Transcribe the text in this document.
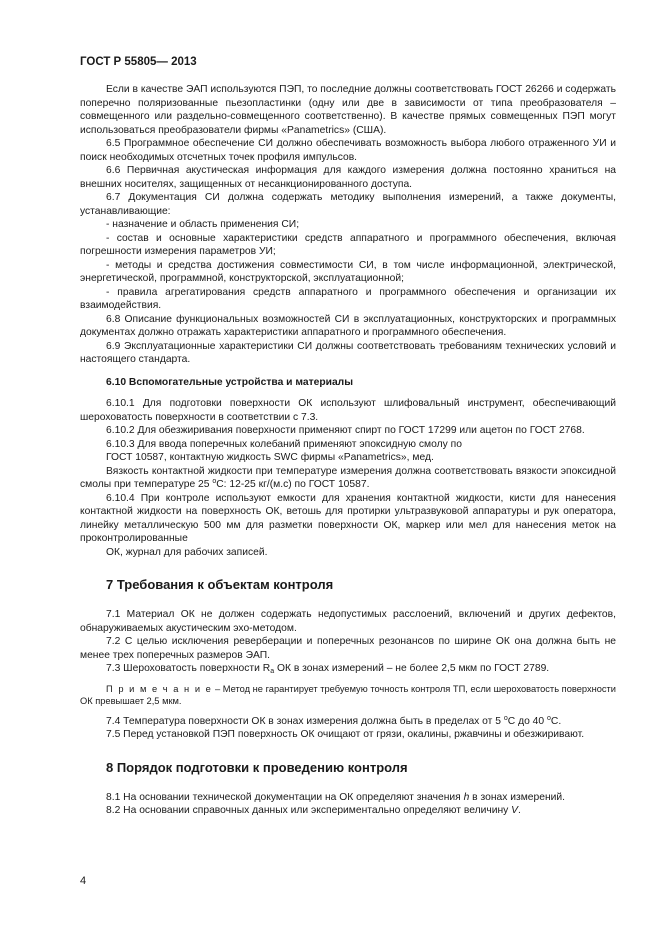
ГОСТ Р 55805— 2013

Если в качестве ЭАП используются ПЭП, то последние должны соответствовать ГОСТ 26266 и содержать поперечно поляризованные пьезопластинки (одну или две в зависимости от типа преобразователя – совмещенного или раздельно-совмещенного соответственно). В качестве прямых совмещенных ПЭП могут использоваться преобразователи фирмы «Panametrics» (США).

6.5 Программное обеспечение СИ должно обеспечивать возможность выбора любого отраженного УИ и поиск необходимых отсчетных точек профиля импульсов.

6.6 Первичная акустическая информация для каждого измерения должна постоянно храниться на внешних носителях, защищенных от несанкционированного доступа.

6.7 Документация СИ должна содержать методику выполнения измерений, а также документы, устанавливающие:

- назначение и область применения СИ;

- состав и основные характеристики средств аппаратного и программного обеспечения, включая погрешности измерения параметров УИ;

- методы и средства достижения совместимости СИ, в том числе информационной, электрической, энергетической, программной, конструкторской, эксплуатационной;

- правила агрегатирования средств аппаратного и программного обеспечения и организации их взаимодействия.

6.8 Описание функциональных возможностей СИ в эксплуатационных, конструкторских и программных документах должно отражать характеристики аппаратного и программного обеспечения.

6.9 Эксплуатационные характеристики СИ должны соответствовать требованиям технических условий и настоящего стандарта.

6.10 Вспомогательные устройства и материалы

6.10.1 Для подготовки поверхности ОК используют шлифовальный инструмент, обеспечивающий шероховатость поверхности в соответствии с 7.3.

6.10.2 Для обезжиривания поверхности применяют спирт по ГОСТ 17299 или ацетон по ГОСТ 2768.

6.10.3 Для ввода поперечных колебаний применяют эпоксидную смолу по

ГОСТ 10587, контактную жидкость SWC фирмы «Panametrics», мед.

Вязкость контактной жидкости при температуре измерения должна соответствовать вязкости эпоксидной смолы при температуре 25 $^o$С: 12-25 кг/(м.с) по ГОСТ 10587.

6.10.4 При контроле используют емкости для хранения контактной жидкости, кисти для нанесения контактной жидкости на поверхность ОК, ветошь для протирки ультразвуковой аппаратуры и рук оператора, линейку металлическую 500 мм для разметки поверхности ОК, маркер или мел для нанесения меток на проконтролированные

ОК, журнал для рабочих записей.

7 Требования к объектам контроля

7.1 Материал ОК не должен содержать недопустимых расслоений, включений и других дефектов, обнаруживаемых акустическим эхо-методом.

7.2 С целью исключения реверберации и поперечных резонансов по ширине ОК она должна быть не менее трех поперечных размеров ЭАП.

7.3 Шероховатость поверхности $R_a$ ОК в зонах измерений – не более 2,5 мкм по ГОСТ 2789.

П р и м е ч а н и е – Метод не гарантирует требуемую точность контроля ТП, если шероховатость поверхности ОК превышает 2,5 мкм.

7.4 Температура поверхности ОК в зонах измерения должна быть в пределах от 5 $^o$С до 40 $^o$С.

7.5 Перед установкой ПЭП поверхность ОК очищают от грязи, окалины, ржавчины и обезжиривают.

8 Порядок подготовки к проведению контроля

8.1 На основании технической документации на ОК определяют значения h в зонах измерений.

8.2 На основании справочных данных или экспериментально определяют величину V.

4
